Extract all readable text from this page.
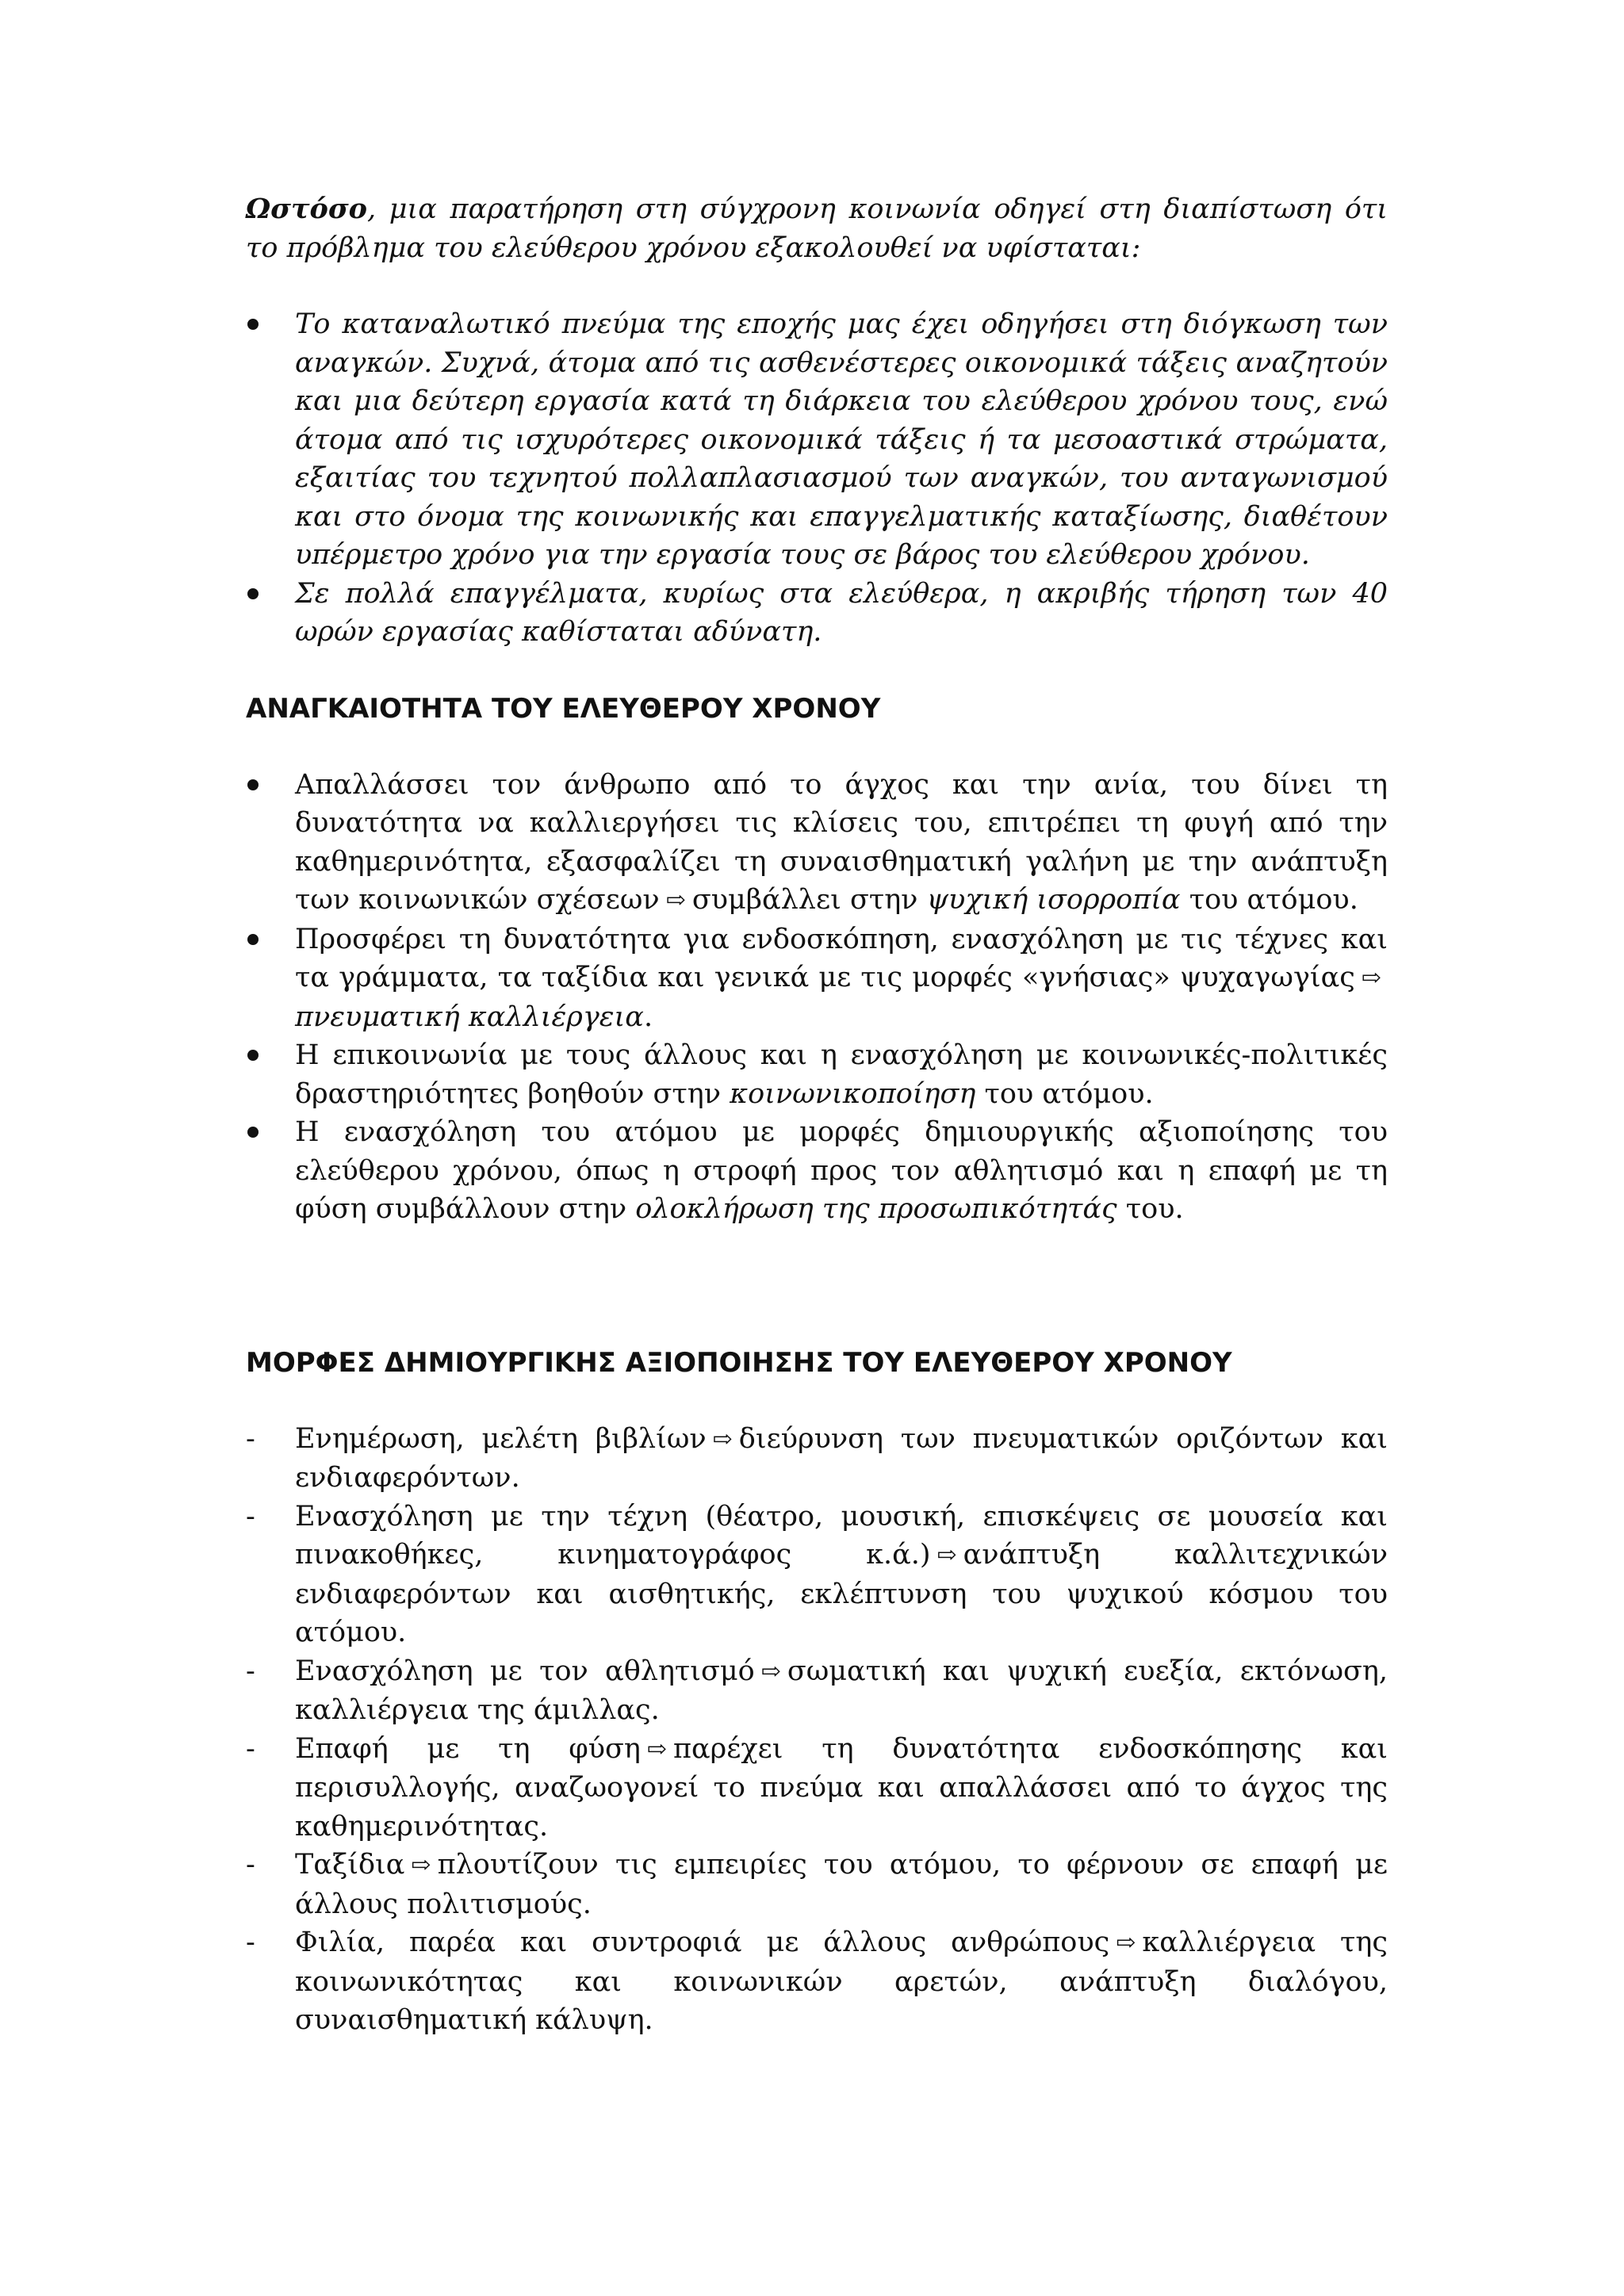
Ωστόσο, μια παρατήρηση στη σύγχρονη κοινωνία οδηγεί στη διαπίστωση ότι το πρόβλημα του ελεύθερου χρόνου εξακολουθεί να υφίσταται:

Το καταναλωτικό πνεύμα της εποχής μας έχει οδηγήσει στη διόγκωση των αναγκών. Συχνά, άτομα από τις ασθενέστερες οικονομικά τάξεις αναζητούν και μια δεύτερη εργασία κατά τη διάρκεια του ελεύθερου χρόνου τους, ενώ άτομα από τις ισχυρότερες οικονομικά τάξεις ή τα μεσοαστικά στρώματα, εξαιτίας του τεχνητού πολλαπλασιασμού των αναγκών, του ανταγωνισμού και στο όνομα της κοινωνικής και επαγγελματικής καταξίωσης, διαθέτουν υπέρμετρο χρόνο για την εργασία τους σε βάρος του ελεύθερου χρόνου.
Σε πολλά επαγγέλματα, κυρίως στα ελεύθερα, η ακριβής τήρηση των 40 ωρών εργασίας καθίσταται αδύνατη.
ΑΝΑΓΚΑΙΟΤΗΤΑ ΤΟΥ ΕΛΕΥΘΕΡΟΥ ΧΡΟΝΟΥ
Απαλλάσσει τον άνθρωπο από το άγχος και την ανία, του δίνει τη δυνατότητα να καλλιεργήσει τις κλίσεις του, επιτρέπει τη φυγή από την καθημερινότητα, εξασφαλίζει τη συναισθηματική γαλήνη με την ανάπτυξη των κοινωνικών σχέσεων ⇨ συμβάλλει στην ψυχική ισορροπία του ατόμου.
Προσφέρει τη δυνατότητα για ενδοσκόπηση, ενασχόληση με τις τέχνες και τα γράμματα, τα ταξίδια και γενικά με τις μορφές «γνήσιας» ψυχαγωγίας ⇨πνευματική καλλιέργεια.
Η επικοινωνία με τους άλλους και η ενασχόληση με κοινωνικές-πολιτικές δραστηριότητες βοηθούν στην κοινωνικοποίηση του ατόμου.
Η ενασχόληση του ατόμου με μορφές δημιουργικής αξιοποίησης του ελεύθερου χρόνου, όπως η στροφή προς τον αθλητισμό και η επαφή με τη φύση συμβάλλουν στην ολοκλήρωση της προσωπικότητάς του.
ΜΟΡΦΕΣ ΔΗΜΙΟΥΡΓΙΚΗΣ ΑΞΙΟΠΟΙΗΣΗΣ ΤΟΥ ΕΛΕΥΘΕΡΟΥ ΧΡΟΝΟΥ
-	Ενημέρωση, μελέτη βιβλίων ⇨ διεύρυνση των πνευματικών οριζόντων και ενδιαφερόντων.
-	Ενασχόληση με την τέχνη (θέατρο, μουσική, επισκέψεις σε μουσεία και πινακοθήκες, κινηματογράφος κ.ά.) ⇨ ανάπτυξη καλλιτεχνικών ενδιαφερόντων και αισθητικής, εκλέπτυνση του ψυχικού κόσμου του ατόμου.
-	Ενασχόληση με τον αθλητισμό ⇨ σωματική και ψυχική ευεξία, εκτόνωση, καλλιέργεια της άμιλλας.
-	Επαφή με τη φύση ⇨ παρέχει τη δυνατότητα ενδοσκόπησης και περισυλλογής, αναζωογονεί το πνεύμα και απαλλάσσει από το άγχος της καθημερινότητας.
-	Ταξίδια ⇨ πλουτίζουν τις εμπειρίες του ατόμου, το φέρνουν σε επαφή με άλλους πολιτισμούς.
-	Φιλία, παρέα και συντροφιά με άλλους ανθρώπους ⇨ καλλιέργεια της κοινωνικότητας και κοινωνικών αρετών, ανάπτυξη διαλόγου, συναισθηματική κάλυψη.
